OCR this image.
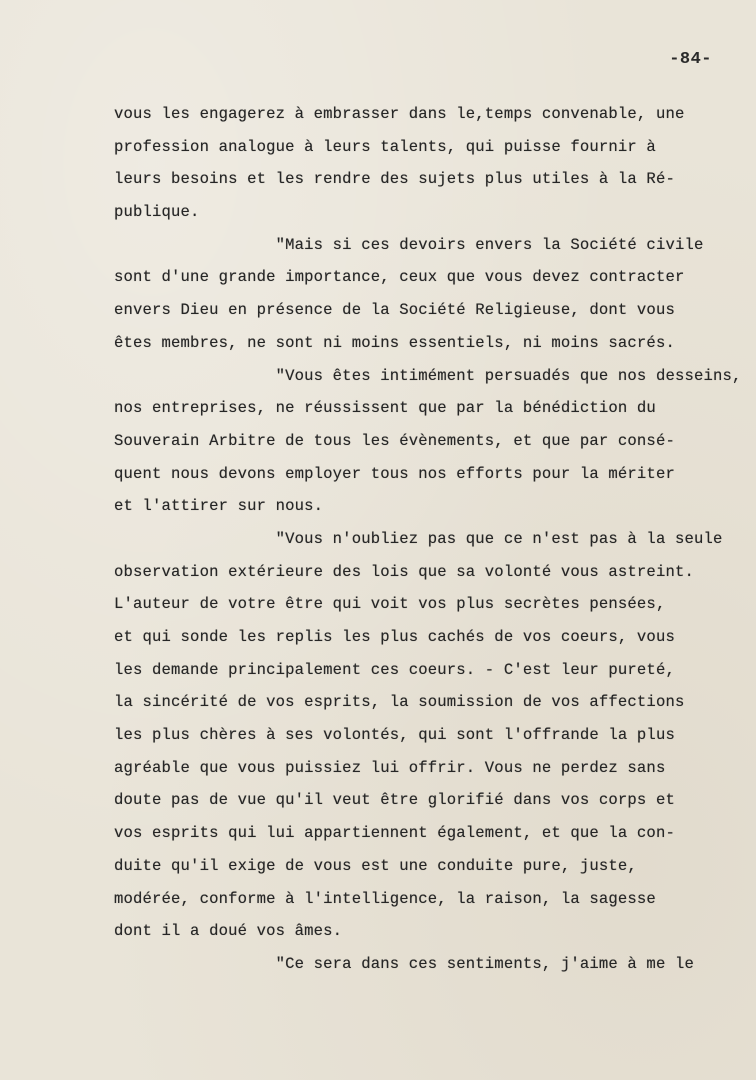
-84-
vous les engagerez à embrasser dans le,temps convenable, une
profession analogue à leurs talents, qui puisse fournir à
leurs besoins et les rendre des sujets plus utiles à la Ré-
publique.
"Mais si ces devoirs envers la Société civile
sont d'une grande importance, ceux que vous devez contracter
envers Dieu en présence de la Société Religieuse, dont vous
êtes membres, ne sont ni moins essentiels, ni moins sacrés.
"Vous êtes intimément persuadés que nos desseins,
nos entreprises, ne réussissent que par la bénédiction du
Souverain Arbitre de tous les évènements, et que par consé-
quent nous devons employer tous nos efforts pour la mériter
et l'attirer sur nous.
"Vous n'oubliez pas que ce n'est pas à la seule
observation extérieure des lois que sa volonté vous astreint.
L'auteur de votre être qui voit vos plus secrètes pensées,
et qui sonde les replis les plus cachés de vos coeurs, vous
les demande principalement ces coeurs. - C'est leur pureté,
la sincérité de vos esprits, la soumission de vos affections
les plus chères à ses volontés, qui sont l'offrande la plus
agréable que vous puissiez lui offrir. Vous ne perdez sans
doute pas de vue qu'il veut être glorifié dans vos corps et
vos esprits qui lui appartiennent également, et que la con-
duite qu'il exige de vous est une conduite pure, juste,
modérée, conforme à l'intelligence, la raison, la sagesse
dont il a doué vos âmes.
"Ce sera dans ces sentiments, j'aime à me le
